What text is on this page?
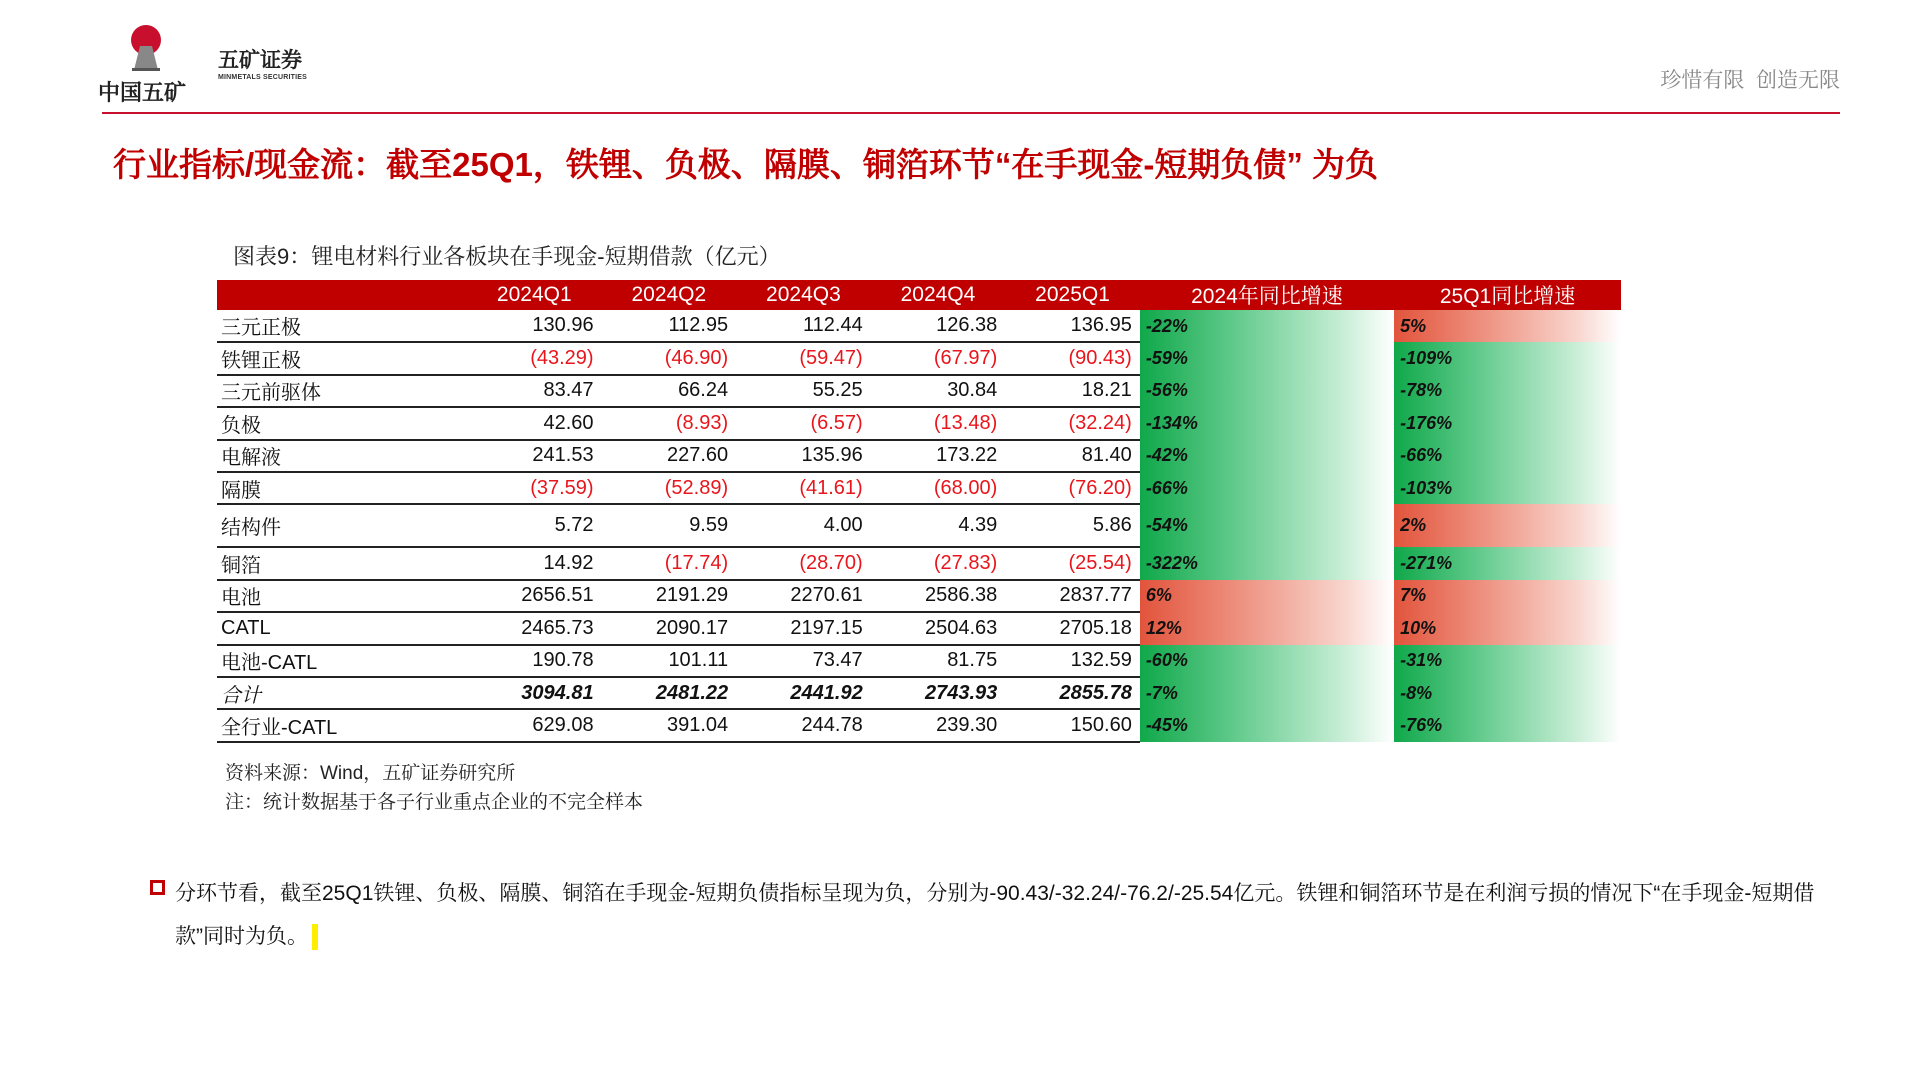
中国五矿
五矿证券
MINMETALS SECURITIES	珍惜有限  创造无限
行业指标/现金流：截至25Q1，铁锂、负极、隔膜、铜箔环节“在手现金-短期负债” 为负
图表9：锂电材料行业各板块在手现金-短期借款（亿元）
	2024Q1	2024Q2	2024Q3	2024Q4	2025Q1	2024年同比增速	25Q1同比增速
三元正极	130.96	112.95	112.44	126.38	136.95	-22%	5%
铁锂正极	(43.29)	(46.90)	(59.47)	(67.97)	(90.43)	-59%	-109%
三元前驱体	83.47	66.24	55.25	30.84	18.21	-56%	-78%
负极	42.60	(8.93)	(6.57)	(13.48)	(32.24)	-134%	-176%
电解液	241.53	227.60	135.96	173.22	81.40	-42%	-66%
隔膜	(37.59)	(52.89)	(41.61)	(68.00)	(76.20)	-66%	-103%
结构件	5.72	9.59	4.00	4.39	5.86	-54%	2%
铜箔	14.92	(17.74)	(28.70)	(27.83)	(25.54)	-322%	-271%
电池	2656.51	2191.29	2270.61	2586.38	2837.77	6%	7%
CATL	2465.73	2090.17	2197.15	2504.63	2705.18	12%	10%
电池-CATL	190.78	101.11	73.47	81.75	132.59	-60%	-31%
合计	3094.81	2481.22	2441.92	2743.93	2855.78	-7%	-8%
全行业-CATL	629.08	391.04	244.78	239.30	150.60	-45%	-76%
资料来源：Wind，五矿证券研究所
注：统计数据基于各子行业重点企业的不完全样本
分环节看，截至25Q1铁锂、负极、隔膜、铜箔在手现金-短期负债指标呈现为负，分别为-90.43/-32.24/-76.2/-25.54亿元。铁锂和铜箔环节是在利润亏损的情况下“在手现金-短期借款”同时为负。
